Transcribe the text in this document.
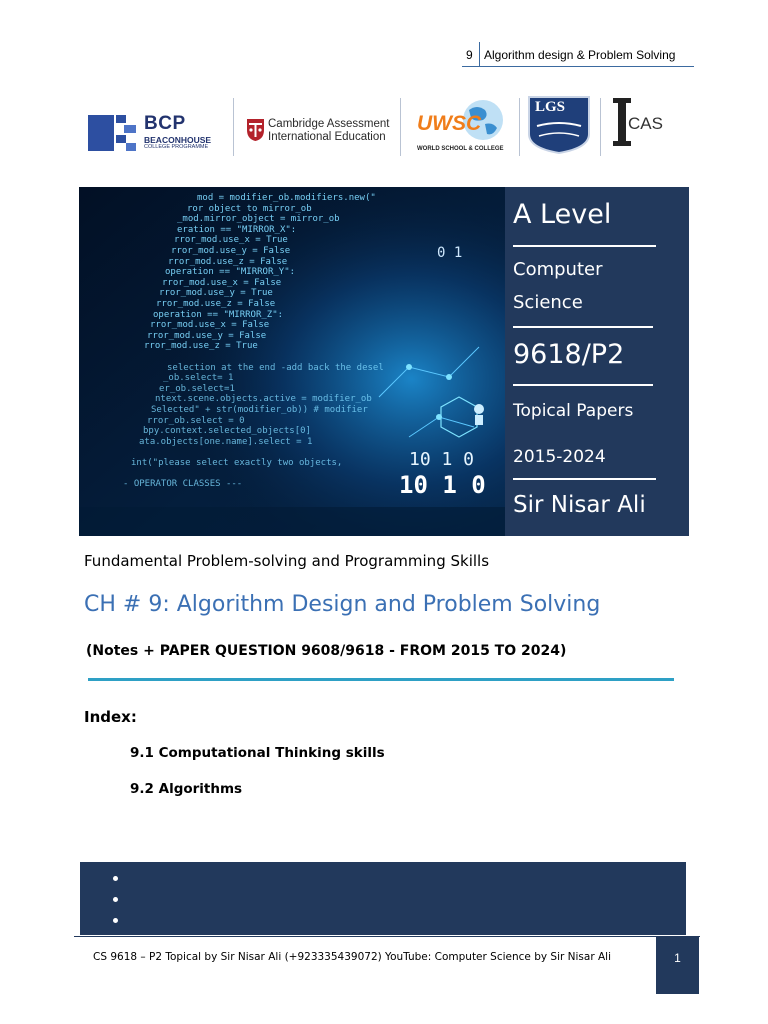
9 Algorithm design & Problem Solving
BCP
BEACONHOUSE
COLLEGE PROGRAMME
Cambridge Assessment
International Education
UWSC
WORLD SCHOOL & COLLEGE
LGS
CAS
mod = modifier_ob.modifiers.new("
ror object to mirror_ob
_mod.mirror_object = mirror_ob
eration == "MIRROR_X":
rror_mod.use_x = True
rror_mod.use_y = False
rror_mod.use_z = False
operation == "MIRROR_Y":
rror_mod.use_x = False
rror_mod.use_y = True
rror_mod.use_z = False
operation == "MIRROR_Z":
rror_mod.use_x = False
rror_mod.use_y = False
rror_mod.use_z = True
selection at the end -add back the desel
_ob.select= 1
er_ob.select=1
ntext.scene.objects.active = modifier_ob
Selected" + str(modifier_ob)) # modifier
rror_ob.select = 0
bpy.context.selected_objects[0]
ata.objects[one.name].select = 1
int("please select exactly two objects,
- OPERATOR CLASSES ---
0 1
10 1 0
10 1 0
A Level
Computer
Science
9618/P2
Topical Papers
2015-2024
Sir Nisar Ali
Fundamental Problem-solving and Programming Skills
CH # 9: Algorithm Design and Problem Solving
(Notes + PAPER QUESTION 9608/9618 - FROM 2015 TO 2024)
Index:
9.1 Computational Thinking skills
9.2 Algorithms
CS 9618 – P2 Topical by Sir Nisar Ali (+923335439072) YouTube: Computer Science by Sir Nisar Ali	1
